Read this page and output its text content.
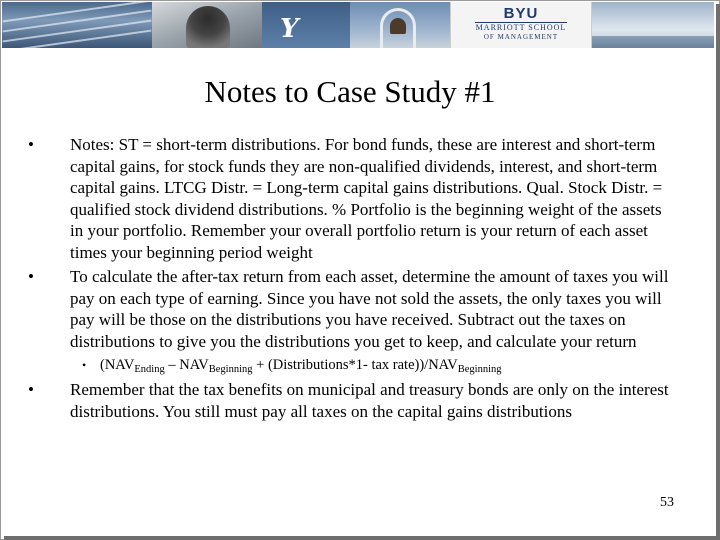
Y
BYU
MARRIOTT SCHOOL
OF MANAGEMENT
Notes to Case Study #1
• Notes: ST = short-term distributions. For bond funds, these are interest and short-term capital gains, for stock funds they are non-qualified dividends, interest, and short-term capital gains. LTCG Distr. = Long-term capital gains distributions. Qual. Stock Distr. = qualified stock dividend distributions. % Portfolio is the beginning weight of the assets in your portfolio. Remember your overall portfolio return is your return of each asset times your beginning period weight
• To calculate the after-tax return from each asset, determine the amount of taxes you will pay on each type of earning. Since you have not sold the assets, the only taxes you will pay will be those on the distributions you have received. Subtract out the taxes on distributions to give you the distributions you get to keep, and calculate your return
• ($NAV_{Ending} - NAV_{Beginning}$ + (Distributions*1- tax $rate))/NAV_{Beginning}$
• Remember that the tax benefits on municipal and treasury bonds are only on the interest distributions. You still must pay all taxes on the capital gains distributions
53
